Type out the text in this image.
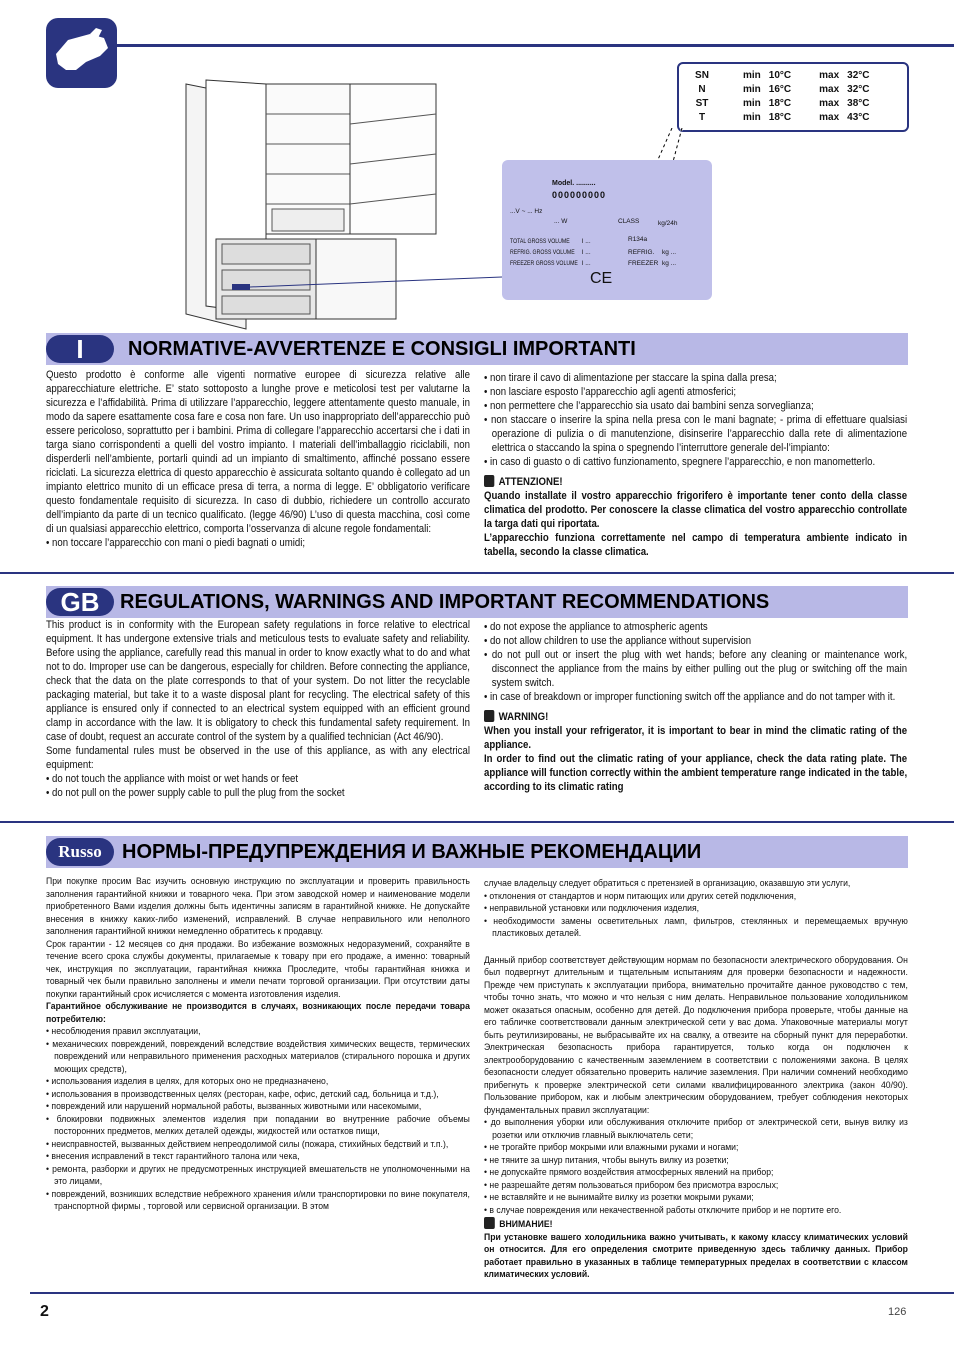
SN	min	10°C	max	32°C
N	min	16°C	max	32°C
ST	min	18°C	max	38°C
T	min	18°C	max	43°C
Model. ..........
000000000
...V ~ ... Hz
... W	CLASS	kg/24h
TOTAL GROSS VOLUME
REFRIG. GROSS VOLUME
FREEZER GROSS VOLUME
l ...
l ...
l ...
R134a
REFRIG.
FREEZER
kg ...
kg ...
CE
I	NORMATIVE-AVVERTENZE E CONSIGLI IMPORTANTI

Questo prodotto è conforme alle vigenti normative europee di sicurezza relative alle apparecchiature elettriche. E’ stato sottoposto a lunghe prove e meticolosi test per valutarne la sicurezza e l’affidabilità. Prima di utilizzare l’apparecchio, leggere attentamente questo manuale, in modo da sapere esattamente cosa fare e cosa non fare. Un uso inappropriato dell’apparecchio può essere pericoloso, soprattutto per i bambini. Prima di collegare l’apparecchio accertarsi che i dati in targa siano corrispondenti a quelli del vostro impianto. I materiali dell’imballaggio riciclabili, non disperderli nell’ambiente, portarli quindi ad un impianto di smaltimento, affinché possano essere riciclati. La sicurezza elettrica di questo apparecchio è assicurata soltanto quando è collegato ad un impianto elettrico munito di un efficace presa di terra, a norma di legge. E’ obbligatorio verificare questo fondamentale requisito di sicurezza. In caso di dubbio, richiedere un controllo accurato dell’impianto da parte di un tecnico qualificato. (legge 46/90) L’uso di questa macchina, così come di un qualsiasi apparecchio elettrico, comporta l’osservanza di alcune regole fondamentali:

• non toccare l’apparecchio con mani o piedi bagnati o umidi;

• non tirare il cavo di alimentazione per staccare la spina dalla presa;

• non lasciare esposto l’apparecchio agli agenti atmosferici;

• non permettere che l’apparecchio sia usato dai bambini senza sorveglianza;

• non staccare o inserire la spina nella presa con le mani bagnate; - prima di effettuare qualsiasi operazione di pulizia o di manutenzione, disinserire l’apparecchio dalla rete di alimentazione elettrica o staccando la spina o spegnendo l’interruttore generale del-l’impianto:

• in caso di guasto o di cattivo funzionamento, spegnere l’apparecchio, e non manometterlo.

ATTENZIONE!

Quando installate il vostro apparecchio frigorifero è importante tener conto della classe climatica del prodotto. Per conoscere la classe climatica del vostro apparecchio controllate la targa dati qui riportata.

L’apparecchio funziona correttamente nel campo di temperatura ambiente indicato in tabella, secondo la classe climatica.

GB	REGULATIONS, WARNINGS AND IMPORTANT RECOMMENDATIONS

This product is in conformity with the European safety regulations in force relative to electrical equipment. It has undergone extensive trials and meticulous tests to evaluate safety and reliability. Before using the appliance, carefully read this manual in order to know exactly what to do and what not to do. Improper use can be dangerous, especially for children. Before connecting the appliance, check that the data on the plate corresponds to that of your system. Do not litter the recyclable packaging material, but take it to a waste disposal plant for recycling. The electrical safety of this appliance is ensured only if connected to an electrical system equipped with an efficient ground clamp in accordance with the law. It is obligatory to check this fundamental safety requirement. In case of doubt, request an accurate control of the system by a qualified technician (Act 46/90).

Some fundamental rules must be observed in the use of this appliance, as with any electrical equipment:

• do not touch the appliance with moist or wet hands or feet

• do not pull on the power supply cable to pull the plug from the socket

• do not expose the appliance to atmospheric agents

• do not allow children to use the appliance without supervision

• do not pull out or insert the plug with wet hands; before any cleaning or maintenance work, disconnect the appliance from the mains by either pulling out the plug or switching off the main system switch.

• in case of breakdown or improper functioning switch off the appliance and do not tamper with it.

WARNING!

When you install your refrigerator, it is important to bear in mind the climatic rating of the appliance.

In order to find out the climatic rating of your appliance, check the data rating plate. The appliance will function correctly within the ambient temperature range indicated in the table, according to its climatic rating

Russo	НОРМЫ-ПРЕДУПРЕЖДЕНИЯ И ВАЖНЫЕ РЕКОМЕНДАЦИИ

При покупке просим Вас изучить основную инструкцию по эксплуатации и проверить правильность заполнения гарантийной книжки и товарного чека. При этом заводской номер и наименование модели приобретенного Вами изделия должны быть идентичны записям в гарантийной книжке. Не допускайте внесения в книжку каких-либо изменений, исправлений. В случае неправильного или неполного заполнения гарантийной книжки немедленно обратитесь к продавцу.

Срок гарантии - 12 месяцев со дня продажи. Во избежание возможных недоразумений, сохраняйте в течение всего срока службы документы, прилагаемые к товару при его продаже, а именно: товарный чек, инструкция по эксплуатации, гарантийная книжка Проследите, чтобы гарантийная книжка и товарный чек были правильно заполнены и имели печати торговой организации. При отсутствии даты покупки гарантийный срок исчисляется с момента изготовления изделия.

Гарантийное обслуживание не производится в случаях, возникающих после передачи товара потребителю:

• несоблюдения правил эксплуатации,

• механических повреждений, повреждений вследствие воздействия химических веществ, термических повреждений или неправильного применения расходных материалов (стирального порошка и других моющих средств),

• использования изделия в целях, для которых оно не предназначено,

• использования в производственных целях (ресторан, кафе, офис, детский сад, больница и т.д.),

• повреждений или нарушений нормальной работы, вызванных животными или насекомыми,

• блокировки подвижных элементов изделия при попадании во внутренние рабочие объемы посторонних предметов, мелких деталей одежды, жидкостей или остатков пищи,

• неисправностей, вызванных действием непреодолимой силы (пожара, стихийных бедствий и т.п.),

• внесения исправлений в текст гарантийного талона или чека,

• ремонта, разборки и других не предусмотренных инструкцией вмешательств не уполномоченными на это лицами,

• повреждений, возникших вследствие небрежного хранения и/или транспортировки по вине покупателя, транспортной фирмы , торговой или сервисной организации. В этом

случае владельцу следует обратиться с претензией в организацию, оказавшую эти услуги,

• отклонения от стандартов и норм питающих или других сетей подключения,

• неправильной установки или подключения изделия,

• необходимости замены осветительных ламп, фильтров, стеклянных и перемещаемых вручную пластиковых деталей.

Данный прибор соответствует действующим нормам по безопасности электрического оборудования. Он был подвергнут длительным и тщательным испытаниям для проверки безопасности и надежности. Прежде чем приступать к эксплуатации прибора, внимательно прочитайте данное руководство с тем, чтобы точно знать, что можно и что нельзя с ним делать. Неправильное пользование холодильником может оказаться опасным, особенно для детей. До подключения прибора проверьте, чтобы данные на его табличке соответствовали данным электрической сети у вас дома. Упаковочные материалы могут быть реутилизированы, не выбрасывайте их на свалку, а отвезите на сборный пункт для переработки. Электрическая безопасность прибора гарантируется, только когда он подключен к электрооборудованию с качественным заземлением в соответствии с положениями закона. В целях безопасности следует обязательно проверить наличие заземления. При наличии сомнений необходимо прибегнуть к проверке электрической сети силами квалифицированного электрика (закон 40/90). Пользование прибором, как и любым электрическим оборудованием, требует соблюдения некоторых фундаментальных правил эксплуатации:

• до выполнения уборки или обслуживания отключите прибор от электрической сети, вынув вилку из розетки или отключив главный выключатель сети;

• не трогайте прибор мокрыми или влажными руками и ногами;

• не тяните за шнур питания, чтобы вынуть вилку из розетки;

• не допускайте прямого воздействия атмосферных явлений на прибор;

• не разрешайте детям пользоваться прибором без присмотра взрослых;

• не вставляйте и не вынимайте вилку из розетки мокрыми руками;

• в случае повреждения или некачественной работы отключите прибор и не портите его.

ВНИМАНИЕ!

При установке вашего холодильника важно учитывать, к какому классу климатических условий он относится. Для его определения смотрите приведенную здесь табличку данных. Прибор работает правильно в указанных в таблице температурных пределах в соответствии с классом климатических условий.

2	126
